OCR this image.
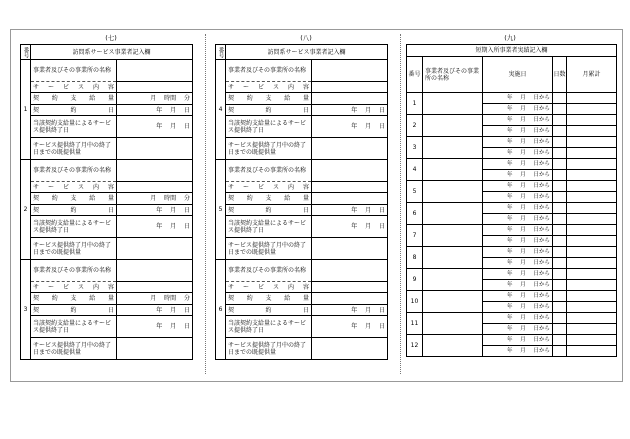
(七)	(八)	(九)
番号	訪問系サービス事業者記入欄	
1	事業者及びその事業所の名称	

	サービス内容	

	契約支給量	月 時間 分

	契約日	年 月 日
	当該契約支給量によるサービス提供終了日	年 月 日
	サービス提供終了月中の終了日までの既提供量	
2	事業者及びその事業所の名称	

	サービス内容	

	契約支給量	月 時間 分

	契約日	年 月 日
	当該契約支給量によるサービス提供終了日	年 月 日
	サービス提供終了月中の終了日までの既提供量	
3	事業者及びその事業所の名称	

	サービス内容	

	契約支給量	月 時間 分

	契約日	年 月 日
	当該契約支給量によるサービス提供終了日	年 月 日
	サービス提供終了月中の終了日までの既提供量	
番号	訪問系サービス事業者記入欄	
4	事業者及びその事業所の名称	

	サービス内容	

	契約支給量	

	契約日	年 月 日
	当該契約支給量によるサービス提供終了日	年 月 日
	サービス提供終了月中の終了日までの既提供量	
5	事業者及びその事業所の名称	

	サービス内容	

	契約支給量	

	契約日	年 月 日
	当該契約支給量によるサービス提供終了日	年 月 日
	サービス提供終了月中の終了日までの既提供量	
6	事業者及びその事業所の名称	

	サービス内容	

	契約支給量	

	契約日	年 月 日
	当該契約支給量によるサービス提供終了日	年 月 日
	サービス提供終了月中の終了日までの既提供量	
短期入所事業者実績記入欄				
番号	事業者及びその事業所の名称	実施日	日数	月累計
1		年 月 日から		
		年 月 日から		
2		年 月 日から		
		年 月 日から		
3		年 月 日から		
		年 月 日から		
4		年 月 日から		
		年 月 日から		
5		年 月 日から		
		年 月 日から		
6		年 月 日から		
		年 月 日から		
7		年 月 日から		
		年 月 日から		
8		年 月 日から		
		年 月 日から		
9		年 月 日から		
		年 月 日から		
10		年 月 日から		
		年 月 日から		
11		年 月 日から		
		年 月 日から		
12		年 月 日から		
		年 月 日から		
